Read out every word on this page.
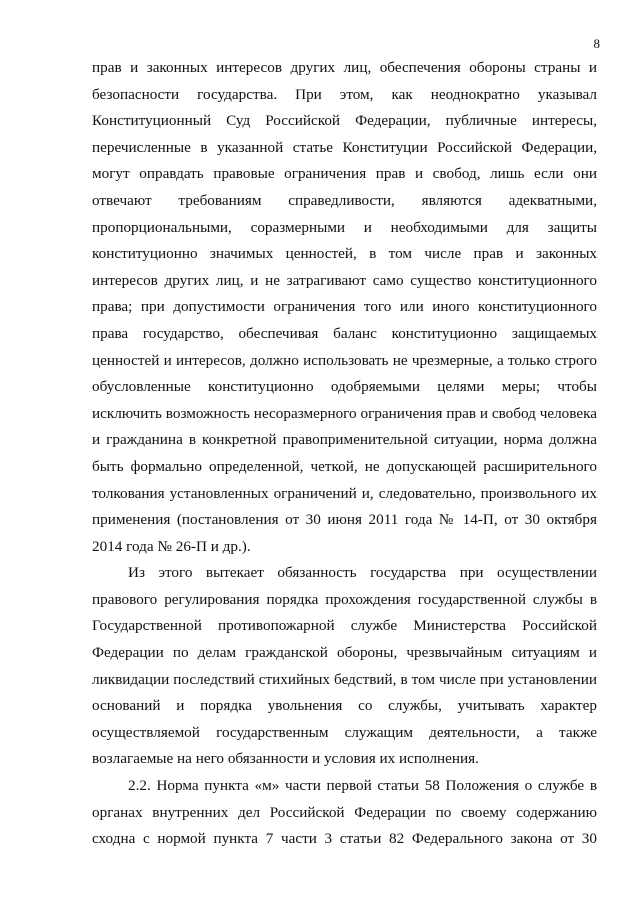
8
прав и законных интересов других лиц, обеспечения обороны страны и
безопасности государства. При этом, как неоднократно указывал
Конституционный Суд Российской Федерации, публичные интересы,
перечисленные в указанной статье Конституции Российской Федерации,
могут оправдать правовые ограничения прав и свобод, лишь если они
отвечают требованиям справедливости, являются адекватными,
пропорциональными, соразмерными и необходимыми для защиты
конституционно значимых ценностей, в том числе прав и законных
интересов других лиц, и не затрагивают само существо конституционного
права; при допустимости ограничения того или иного конституционного
права государство, обеспечивая баланс конституционно защищаемых
ценностей и интересов, должно использовать не чрезмерные, а только строго
обусловленные конституционно одобряемыми целями меры; чтобы
исключить возможность несоразмерного ограничения прав и свобод человека
и гражданина в конкретной правоприменительной ситуации, норма должна
быть формально определенной, четкой, не допускающей расширительного
толкования установленных ограничений и, следовательно, произвольного их
применения (постановления от 30 июня 2011 года № 14-П, от 30 октября
2014 года № 26-П и др.).
Из этого вытекает обязанность государства при осуществлении
правового регулирования порядка прохождения государственной службы в
Государственной противопожарной службе Министерства Российской
Федерации по делам гражданской обороны, чрезвычайным ситуациям и
ликвидации последствий стихийных бедствий, в том числе при установлении
оснований и порядка увольнения со службы, учитывать характер
осуществляемой государственным служащим деятельности, а также
возлагаемые на него обязанности и условия их исполнения.
2.2. Норма пункта «м» части первой статьи 58 Положения о службе в
органах внутренних дел Российской Федерации по своему содержанию
сходна с нормой пункта 7 части 3 статьи 82 Федерального закона от 30
